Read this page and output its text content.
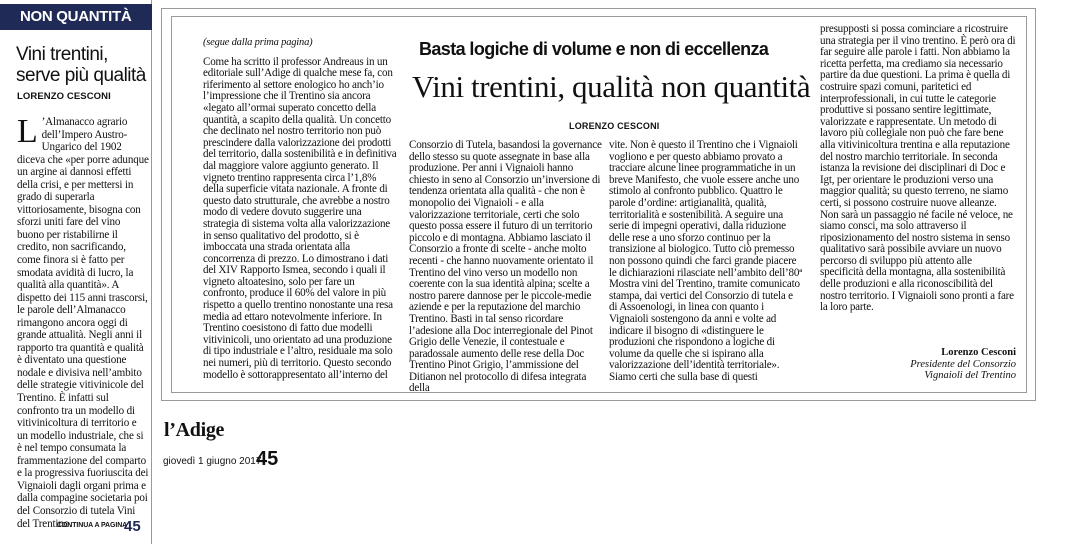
NON QUANTITÀ
Vini trentini, serve più qualità
LORENZO CESCONI
L ’Almanacco agrario dell’Impero Austro-Ungarico del 1902 diceva che «per porre adunque un argine ai dannosi effetti della crisi, e per mettersi in grado di superarla vittoriosamente, bisogna con sforzi uniti fare del vino buono per ristabilirne il credito, non sacrificando, come finora si è fatto per smodata avidità di lucro, la qualità alla quantità». A dispetto dei 115 anni trascorsi, le parole dell’Almanacco rimangono ancora oggi di grande attualità. Negli anni il rapporto tra quantità e qualità è diventato una questione nodale e divisiva nell’ambito delle strategie vitivinicole del Trentino. È infatti sul confronto tra un modello di vitivinicoltura di territorio e un modello industriale, che si è nel tempo consumata la frammentazione del comparto e la progressiva fuoriuscita dei Vignaioli dagli organi prima e dalla compagine societaria poi del Consorzio di tutela Vini del Trentino.
CONTINUA A PAGINA
45
(segue dalla prima pagina)
Come ha scritto il professor Andreaus in un editoriale sull’Adige di qualche mese fa, con riferimento al settore enologico ho anch’io l’impressione che il Trentino sia ancora «legato all’ormai superato concetto della quantità, a scapito della qualità. Un concetto che declinato nel nostro territorio non può prescindere dalla valorizzazione dei prodotti del territorio, dalla sostenibilità e in definitiva dal maggiore valore aggiunto generato. Il vigneto trentino rappresenta circa l’1,8% della superficie vitata nazionale. A fronte di questo dato strutturale, che avrebbe a nostro modo di vedere dovuto suggerire una strategia di sistema volta alla valorizzazione in senso qualitativo del prodotto, si è imboccata una strada orientata alla concorrenza di prezzo. Lo dimostrano i dati del XIV Rapporto Ismea, secondo i quali il vigneto altoatesino, solo per fare un confronto, produce il 60% del valore in più rispetto a quello trentino nonostante una resa media ad ettaro notevolmente inferiore. In Trentino coesistono di fatto due modelli vitivinicoli, uno orientato ad una produzione di tipo industriale e l’altro, residuale ma solo nei numeri, più di territorio. Questo secondo modello è sottorappresentato all’interno del
Basta logiche di volume e non di eccellenza
Vini trentini, qualità non quantità
LORENZO CESCONI
Consorzio di Tutela, basandosi la governance dello stesso su quote assegnate in base alla produzione. Per anni i Vignaioli hanno chiesto in seno al Consorzio un’inversione di tendenza orientata alla qualità - che non è monopolio dei Vignaioli - e alla valorizzazione territoriale, certi che solo questo possa essere il futuro di un territorio piccolo e di montagna. Abbiamo lasciato il Consorzio a fronte di scelte - anche molto recenti - che hanno nuovamente orientato il Trentino del vino verso un modello non coerente con la sua identità alpina; scelte a nostro parere dannose per le piccole-medie aziende e per la reputazione del marchio Trentino. Basti in tal senso ricordare l’adesione alla Doc interregionale del Pinot Grigio delle Venezie, il contestuale e paradossale aumento delle rese della Doc Trentino Pinot Grigio, l’ammissione del Ditianon nel protocollo di difesa integrata della
vite. Non è questo il Trentino che i Vignaioli vogliono e per questo abbiamo provato a tracciare alcune linee programmatiche in un breve Manifesto, che vuole essere anche uno stimolo al confronto pubblico. Quattro le parole d’ordine: artigianalità, qualità, territorialità e sostenibilità. A seguire una serie di impegni operativi, dalla riduzione delle rese a uno sforzo continuo per la transizione al biologico. Tutto ciò premesso non possono quindi che farci grande piacere le dichiarazioni rilasciate nell’ambito dell’80ª Mostra vini del Trentino, tramite comunicato stampa, dai vertici del Consorzio di tutela e di Assoenologi, in linea con quanto i Vignaioli sostengono da anni e volte ad indicare il bisogno di «distinguere le produzioni che rispondono a logiche di volume da quelle che si ispirano alla valorizzazione dell’identità territoriale». Siamo certi che sulla base di questi
presupposti si possa cominciare a ricostruire una strategia per il vino trentino. È però ora di far seguire alle parole i fatti. Non abbiamo la ricetta perfetta, ma crediamo sia necessario partire da due questioni. La prima è quella di costruire spazi comuni, paritetici ed interprofessionali, in cui tutte le categorie produttive si possano sentire legittimate, valorizzate e rappresentate. Un metodo di lavoro più collegiale non può che fare bene alla vitivinicoltura trentina e alla reputazione del nostro marchio territoriale. In seconda istanza la revisione dei disciplinari di Doc e Igt, per orientare le produzioni verso una maggior qualità; su questo terreno, ne siamo certi, si possono costruire nuove alleanze. Non sarà un passaggio né facile né veloce, ne siamo consci, ma solo attraverso il riposizionamento del nostro sistema in senso qualitativo sarà possibile avviare un nuovo percorso di sviluppo più attento alle specificità della montagna, alla sostenibilità delle produzioni e alla riconoscibilità del nostro territorio. I Vignaioli sono pronti a fare la loro parte.
Lorenzo Cesconi
Presidente del Consorzio
Vignaioli del Trentino
l’Adige
giovedì 1 giugno 2017
45
